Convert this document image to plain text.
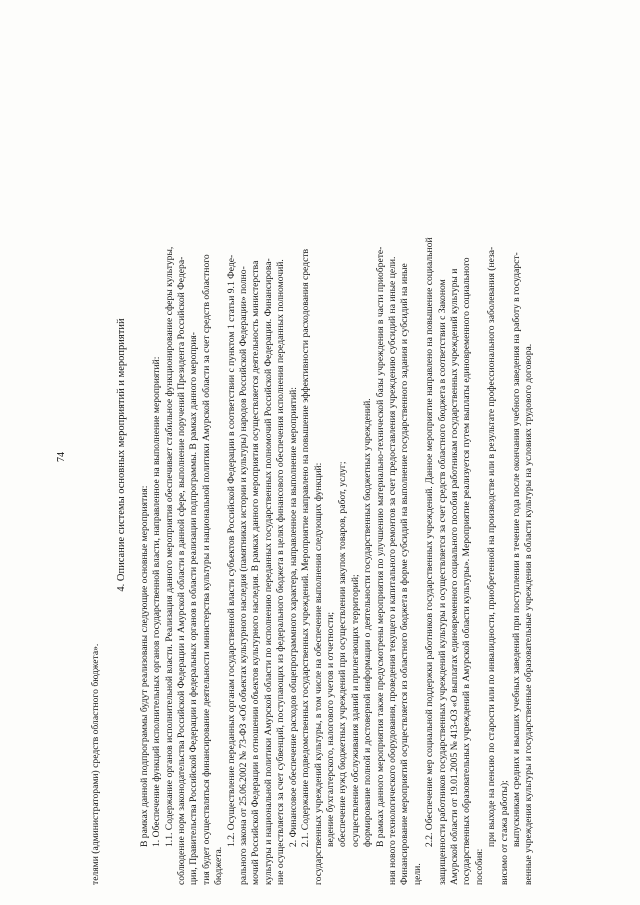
74
телями (администраторами) средств областного бюджета».
4. Описание системы основных мероприятий и мероприятий
В рамках данной подпрограммы будут реализованы следующие основные мероприятия: 1. Обеспечение функций исполнительных органов государственной власти, направленное на выполнение мероприятий: 1.1. Содержание органов исполнительной власти. Реализация данного мероприятия обеспечивает стабильное функционирование сферы культуры, соблюдение норм законодательства Российской Федерации и Амурской области в данной сфере, выполнение поручений Президента Российской Федера- ции, Правительства Российской Федерации и федеральных органов в области реализации подпрограммы. В рамках данного мероприя- тия будет осуществляться финансирование деятельности министерства культуры и национальной политики Амурской области за счет средств областного бюджета.
1.2. Осуществление переданных органам государственной власти субъектов Российской Федерации в соответствии с пунктом 1 статьи 9.1 Феде- рального закона от 25.06.2002 № 73-ФЗ «Об объектах культурного наследия (памятниках истории и культуры) народов Российской Федерации» полно- мочий Российской Федерации в отношении объектов культурного наследия. В рамках данного мероприятия осуществляется деятельность министерства культуры и национальной политики Амурской области по исполнению переданных государственных полномочий Российской Федерации. Финансирова- ние осуществляется за счет субвенций, поступающих из федерального бюджета в целях финансового обеспечения исполнения переданных полномочий. 2. Финансовое обеспечение расходов общепрограммного характера, направленное на выполнение мероприятий: 2.1. Содержание подведомственных государственных учреждений. Мероприятие направлено на повышение эффективности расходования средств государственных учреждений культуры, в том числе на обеспечение выполнения следующих функций: ведение бухгалтерского, налогового учетов и отчетности; обеспечение нужд бюджетных учреждений при осуществлении закупок товаров, работ, услуг; осуществление обслуживания зданий и прилегающих территорий; формирование полной и достоверной информации о деятельности государственных бюджетных учреждений. В рамках данного мероприятия также предусмотрены мероприятия по улучшению материально-технической базы учреждения в части приобрете- ния нового технологического оборудования, проведения текущего и капитального ремонтов за счет предоставления учреждению субсидий на иные цели. Финансирование мероприятий осуществляется из областного бюджета в форме субсидий на выполнение государственного задания и субсидий на иные цели.
2.2. Обеспечение мер социальной поддержки работников государственных учреждений. Данное мероприятие направлено на повышение социальной защищенности работников государственных учреждений культуры и осуществляется за счет средств областного бюджета в соответствии с Законом Амурской области от 19.01.2005 № 413-ОЗ «О выплатах единовременного социального пособия работникам государственных учреждений культуры и государственных образовательных учреждений в Амурской области культуры». Мероприятие реализуется путем выплаты единовременного социального пособия:
при выходе на пенсию по старости или по инвалидности, приобретенной на производстве или в результате профессионального заболевания (неза- висимо от стажа работы); выпускникам средних и высших учебных заведений при поступлении в течение года после окончания учебного заведения на работу в государст- венные учреждения культуры и государственные образовательные учреждения в области культуры на условиях трудового договора.
